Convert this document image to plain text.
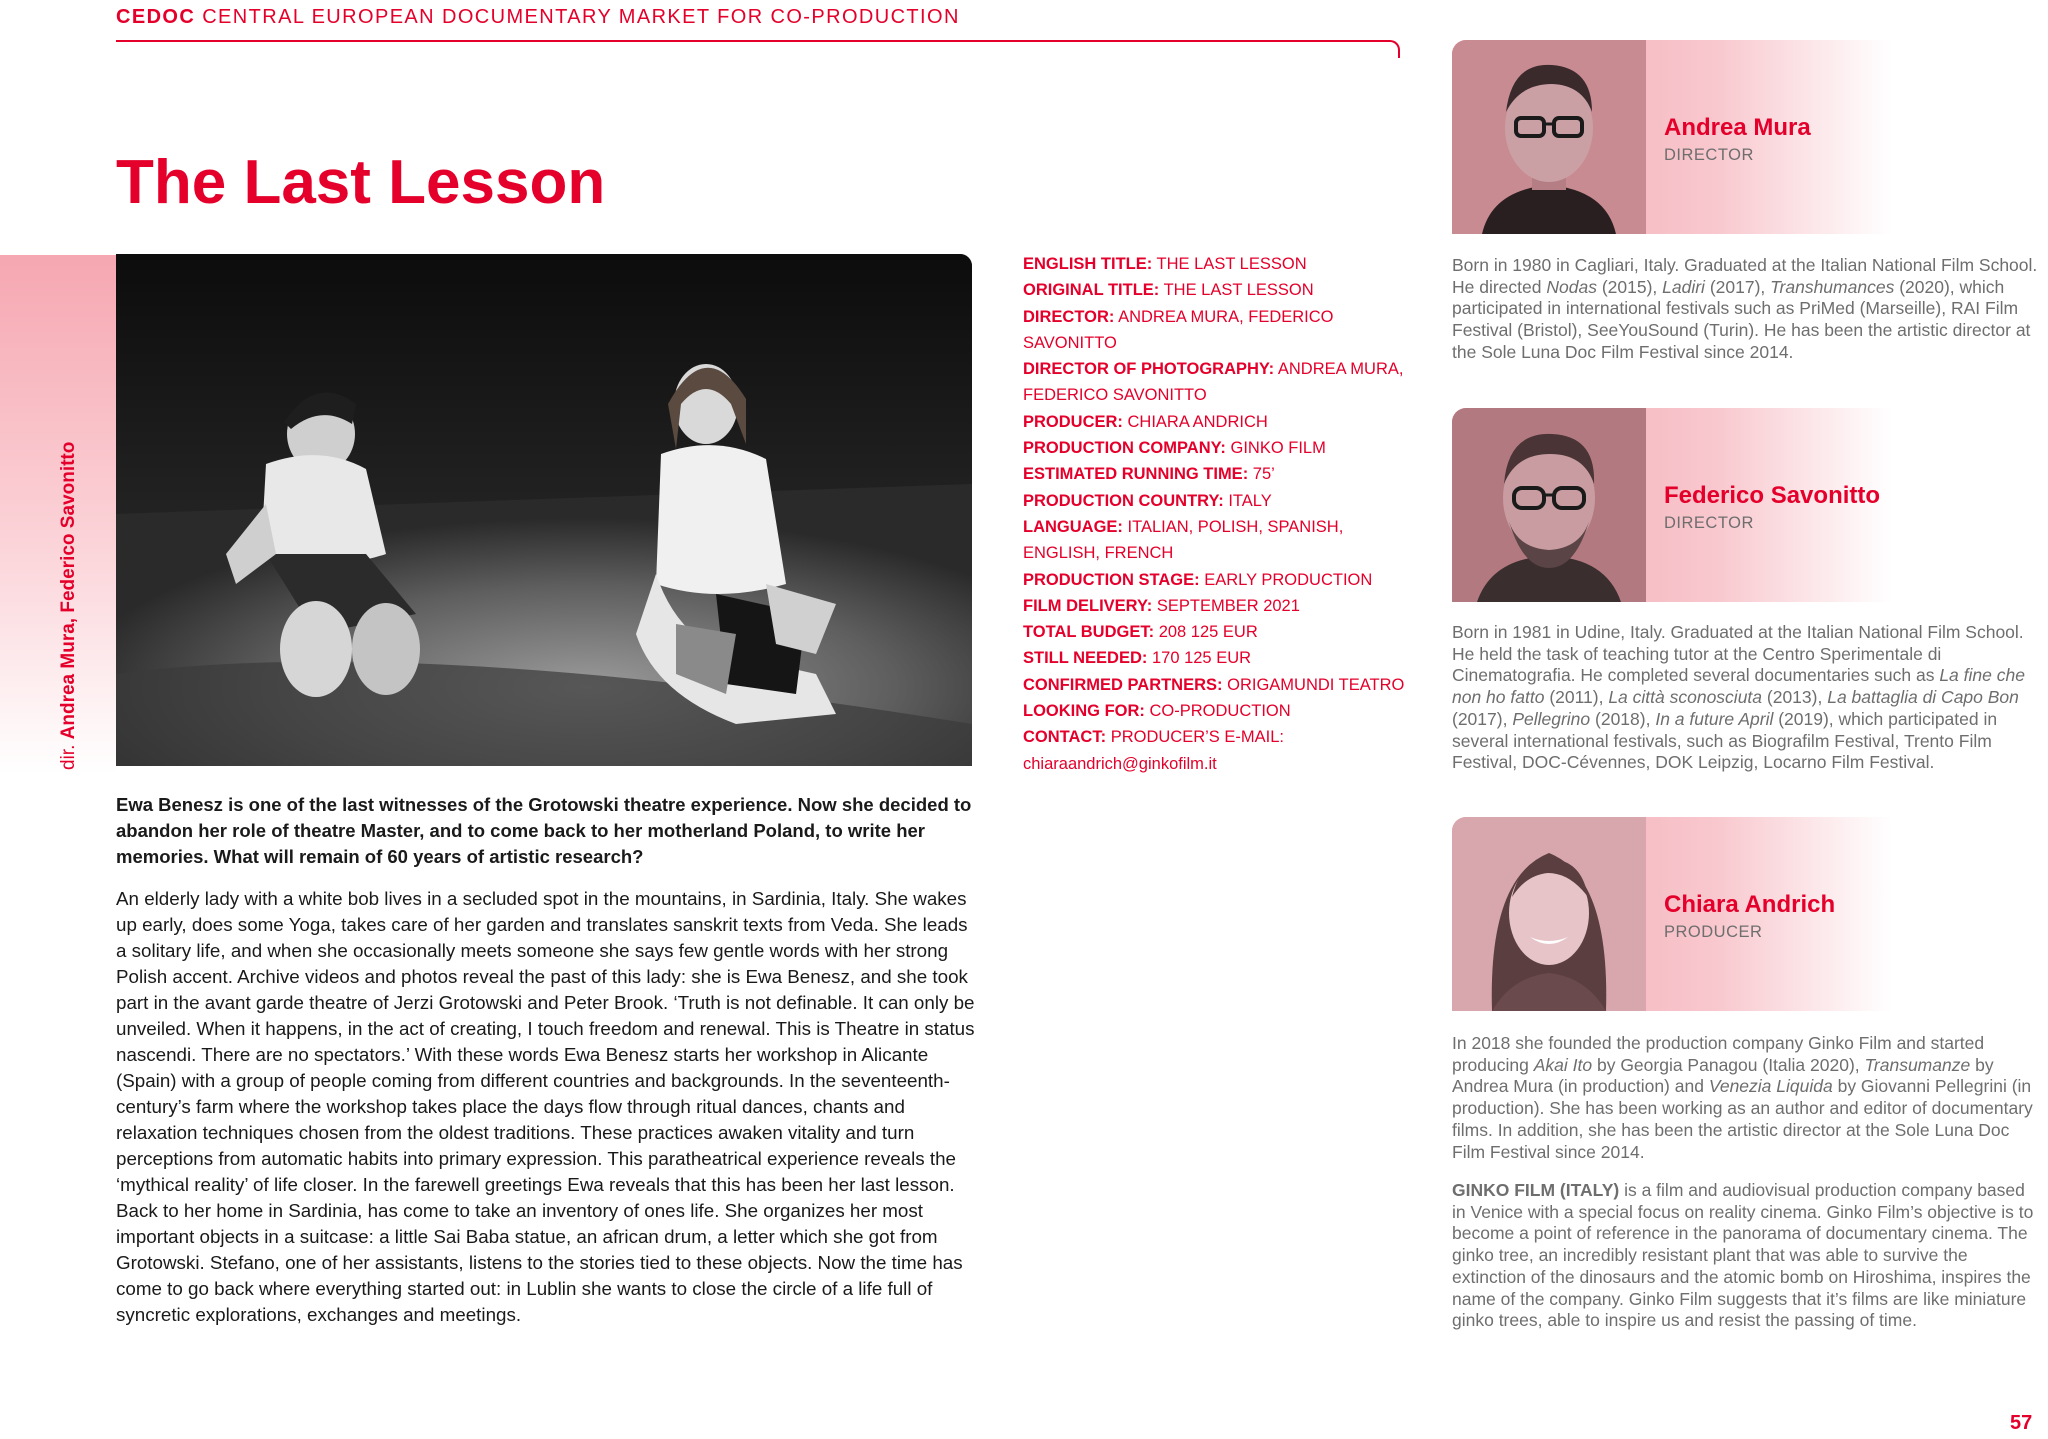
CEDOC CENTRAL EUROPEAN DOCUMENTARY MARKET FOR CO-PRODUCTION
The Last Lesson
dir. Andrea Mura, Federico Savonitto

ENGLISH TITLE: THE LAST LESSON

ORIGINAL TITLE: THE LAST LESSON

DIRECTOR: ANDREA MURA, FEDERICO SAVONITTO

DIRECTOR OF PHOTOGRAPHY: ANDREA MURA, FEDERICO SAVONITTO

PRODUCER: CHIARA ANDRICH

PRODUCTION COMPANY: GINKO FILM

ESTIMATED RUNNING TIME: 75’

PRODUCTION COUNTRY: ITALY

LANGUAGE: ITALIAN, POLISH, SPANISH, ENGLISH, FRENCH

PRODUCTION STAGE: EARLY PRODUCTION

FILM DELIVERY: SEPTEMBER 2021

TOTAL BUDGET: 208 125 EUR

STILL NEEDED: 170 125 EUR

CONFIRMED PARTNERS: ORIGAMUNDI TEATRO

LOOKING FOR: CO-PRODUCTION

CONTACT: PRODUCER’S E-MAIL:

chiaraandrich@ginkofilm.it

Ewa Benesz is one of the last witnesses of the Grotowski theatre experience. Now she decided to abandon her role of theatre Master, and to come back to her motherland Poland, to write her memories. What will remain of 60 years of artistic research?

An elderly lady with a white bob lives in a secluded spot in the mountains, in Sardinia, Italy. She wakes up early, does some Yoga, takes care of her garden and translates sanskrit texts from Veda. She leads a solitary life, and when she occasionally meets someone she says few gentle words with her strong Polish accent. Archive videos and photos reveal the past of this lady: she is Ewa Benesz, and she took part in the avant garde theatre of Jerzi Grotowski and Peter Brook. ‘Truth is not definable. It can only be unveiled. When it happens, in the act of creating, I touch freedom and renewal. This is Theatre in status nascendi. There are no spectators.’ With these words Ewa Benesz starts her workshop in Alicante (Spain) with a group of people coming from different countries and backgrounds. In the seventeenth-century’s farm where the workshop takes place the days flow through ritual dances, chants and relaxation techniques chosen from the oldest traditions. These practices awaken vitality and turn perceptions from automatic habits into primary expression. This paratheatrical experience reveals the ‘mythical reality’ of life closer. In the farewell greetings Ewa reveals that this has been her last lesson. Back to her home in Sardinia, has come to take an inventory of ones life. She organizes her most important objects in a suitcase: a little Sai Baba statue, an african drum, a letter which she got from Grotowski. Stefano, one of her assistants, listens to the stories tied to these objects. Now the time has come to go back where everything started out: in Lublin she wants to close the circle of a life full of syncretic explorations, exchanges and meetings.

Andrea Mura
DIRECTOR

Born in 1980 in Cagliari, Italy. Graduated at the Italian National Film School. He directed Nodas (2015), Ladiri (2017), Transhumances (2020), which participated in international festivals such as PriMed (Marseille), RAI Film Festival (Bristol), SeeYouSound (Turin). He has been the artistic director at the Sole Luna Doc Film Festival since 2014.

Federico Savonitto
DIRECTOR

Born in 1981 in Udine, Italy. Graduated at the Italian National Film School. He held the task of teaching tutor at the Centro Sperimentale di Cinematografia. He completed several documentaries such as La fine che non ho fatto (2011), La città sconosciuta (2013), La battaglia di Capo Bon (2017), Pellegrino (2018), In a future April (2019), which participated in several international festivals, such as Biografilm Festival, Trento Film Festival, DOC-Cévennes, DOK Leipzig, Locarno Film Festival.

Chiara Andrich
PRODUCER

In 2018 she founded the production company Ginko Film and started producing Akai Ito by Georgia Panagou (Italia 2020), Transumanze by Andrea Mura (in production) and Venezia Liquida by Giovanni Pellegrini (in production). She has been working as an author and editor of documentary films. In addition, she has been the artistic director at the Sole Luna Doc Film Festival since 2014.

GINKO FILM (ITALY) is a film and audiovisual production company based in Venice with a special focus on reality cinema. Ginko Film’s objective is to become a point of reference in the panorama of documentary cinema. The ginko tree, an incredibly resistant plant that was able to survive the extinction of the dinosaurs and the atomic bomb on Hiroshima, inspires the name of the company. Ginko Film suggests that it’s films are like miniature ginko trees, able to inspire us and resist the passing of time.

57
